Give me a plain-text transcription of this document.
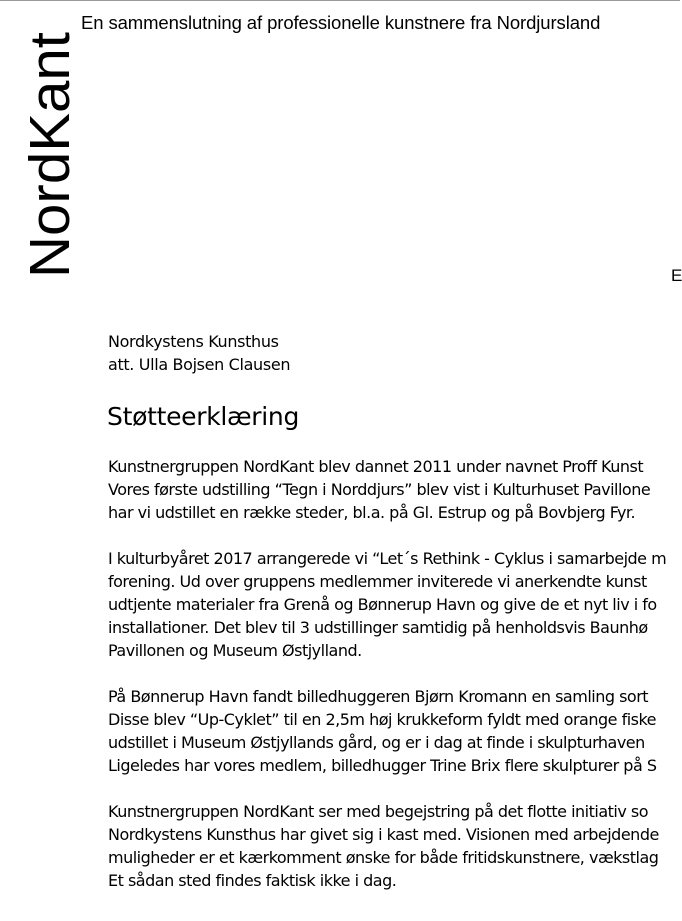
NordKant
En sammenslutning af professionelle kunstnere fra Nordjursland
E
Nordkystens Kunsthus
att. Ulla Bojsen Clausen
Støtteerklæring
Kunstnergruppen NordKant blev dannet 2011 under navnet Proff Kunst
Vores første udstilling “Tegn i Norddjurs” blev vist i Kulturhuset Pavillone
har vi udstillet en række steder, bl.a. på Gl. Estrup og på Bovbjerg Fyr.
I kulturbyåret 2017 arrangerede vi “Let´s Rethink - Cyklus i samarbejde m
forening. Ud over gruppens medlemmer inviterede vi anerkendte kunst
udtjente materialer fra Grenå og Bønnerup Havn og give de et nyt liv i fo
installationer. Det blev til 3 udstillinger samtidig på henholdsvis Baunhø
Pavillonen og Museum Østjylland.
På Bønnerup Havn fandt billedhuggeren Bjørn Kromann en samling sort
Disse blev “Up-Cyklet” til en 2,5m høj krukkeform fyldt med orange fiske
udstillet i Museum Østjyllands gård, og er i dag at finde i skulpturhaven
Ligeledes har vores medlem, billedhugger Trine Brix flere skulpturer på S
Kunstnergruppen NordKant ser med begejstring på det flotte initiativ so
Nordkystens Kunsthus har givet sig i kast med. Visionen med arbejdende
muligheder er et kærkomment ønske for både fritidskunstnere, vækstlag
Et sådan sted findes faktisk ikke i dag.
